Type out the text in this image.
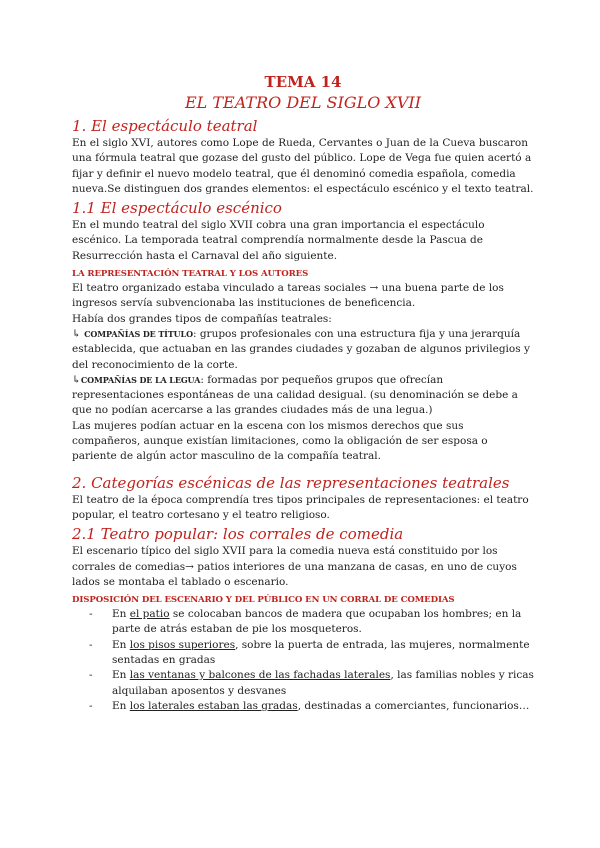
TEMA 14
EL TEATRO DEL SIGLO XVII
1. El espectáculo teatral

En el siglo XVI, autores como Lope de Rueda, Cervantes o Juan de la Cueva buscaron una fórmula teatral que gozase del gusto del público. Lope de Vega fue quien acertó a fijar y definir el nuevo modelo teatral, que él denominó comedia española, comedia nueva.Se distinguen dos grandes elementos: el espectáculo escénico y el texto teatral.

1.1 El espectáculo escénico

En el mundo teatral del siglo XVII cobra una gran importancia el espectáculo escénico. La temporada teatral comprendía normalmente desde la Pascua de Resurrección hasta el Carnaval del año siguiente.

LA REPRESENTACIÓN TEATRAL Y LOS AUTORES

El teatro organizado estaba vinculado a tareas sociales → una buena parte de los ingresos servía subvencionaba las instituciones de beneficencia.

Había dos grandes tipos de compañías teatrales:

↳ COMPAÑÍAS DE TÍTULO: grupos profesionales con una estructura fija y una jerarquía establecida, que actuaban en las grandes ciudades y gozaban de algunos privilegios y del reconocimiento de la corte.

↳COMPAÑÍAS DE LA LEGUA: formadas por pequeños grupos que ofrecían representaciones espontáneas de una calidad desigual. (su denominación se debe a que no podían acercarse a las grandes ciudades más de una legua.)

Las mujeres podían actuar en la escena con los mismos derechos que sus compañeros, aunque existían limitaciones, como la obligación de ser esposa o pariente de algún actor masculino de la compañía teatral.

2. Categorías escénicas de las representaciones teatrales

El teatro de la época comprendía tres tipos principales de representaciones: el teatro popular, el teatro cortesano y el teatro religioso.

2.1 Teatro popular: los corrales de comedia

El escenario típico del siglo XVII para la comedia nueva está constituido por los corrales de comedias→ patios interiores de una manzana de casas, en uno de cuyos lados se montaba el tablado o escenario.

DISPOSICIÓN DEL ESCENARIO Y DEL PÚBLICO EN UN CORRAL DE COMEDIAS
- En el patio se colocaban bancos de madera que ocupaban los hombres; en la parte de atrás estaban de pie los mosqueteros.
- En los pisos superiores, sobre la puerta de entrada, las mujeres, normalmente sentadas en gradas
- En las ventanas y balcones de las fachadas laterales, las familias nobles y ricas alquilaban aposentos y desvanes
- En los laterales estaban las gradas, destinadas a comerciantes, funcionarios…
